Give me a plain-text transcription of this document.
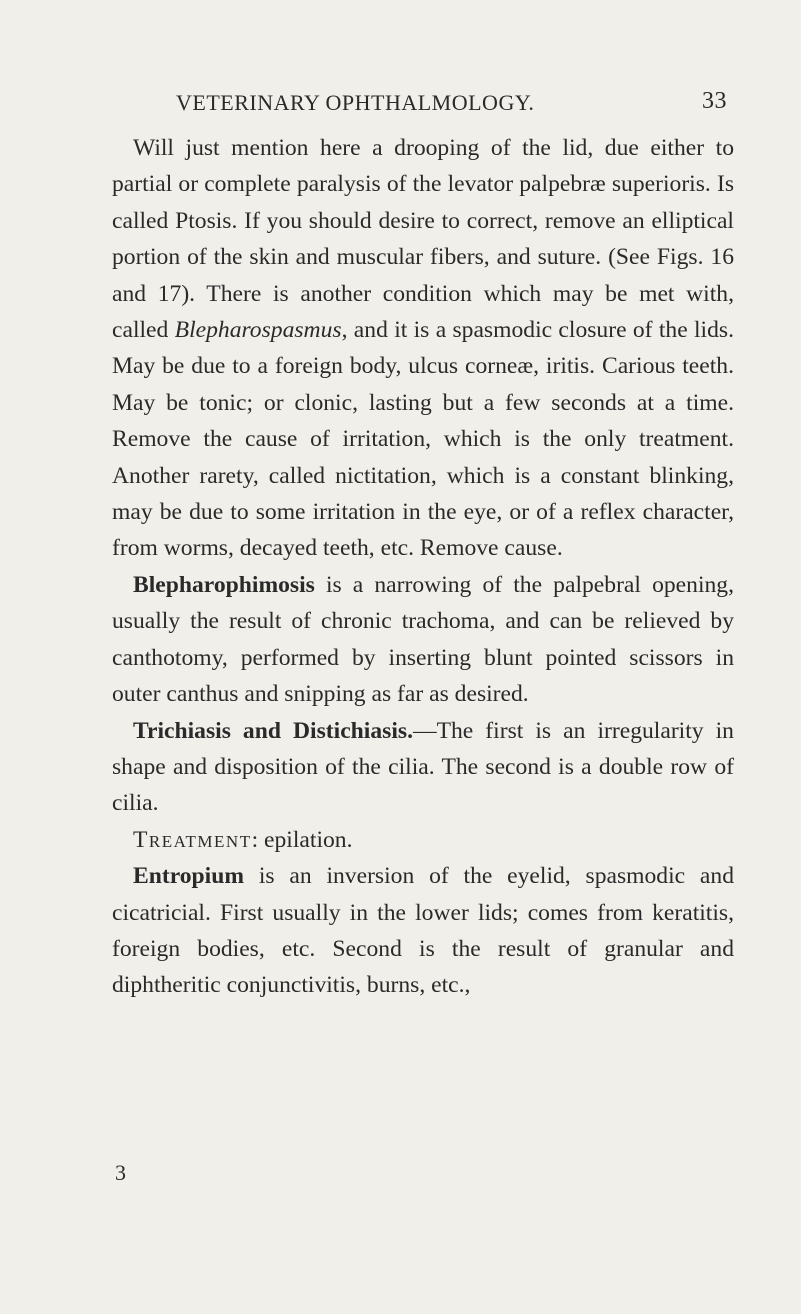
VETERINARY OPHTHALMOLOGY.	33

Will just mention here a drooping of the lid, due either to partial or complete paralysis of the levator palpebræ superioris. Is called Ptosis. If you should desire to correct, remove an elliptical portion of the skin and muscular fibers, and suture. (See Figs. 16 and 17). There is another condition which may be met with, called Blepharospasmus, and it is a spasmodic closure of the lids. May be due to a foreign body, ulcus corneæ, iritis. Carious teeth. May be tonic; or clonic, lasting but a few seconds at a time. Remove the cause of irritation, which is the only treatment. Another rarety, called nictitation, which is a constant blinking, may be due to some irritation in the eye, or of a reflex character, from worms, decayed teeth, etc. Remove cause.

Blepharophimosis is a narrowing of the palpebral opening, usually the result of chronic trachoma, and can be relieved by canthotomy, performed by inserting blunt pointed scissors in outer canthus and snipping as far as desired.

Trichiasis and Distichiasis.—The first is an irregularity in shape and disposition of the cilia. The second is a double row of cilia.

Treatment: epilation.

Entropium is an inversion of the eyelid, spasmodic and cicatricial. First usually in the lower lids; comes from keratitis, foreign bodies, etc. Second is the result of granular and diphtheritic conjunctivitis, burns, etc.,

3
